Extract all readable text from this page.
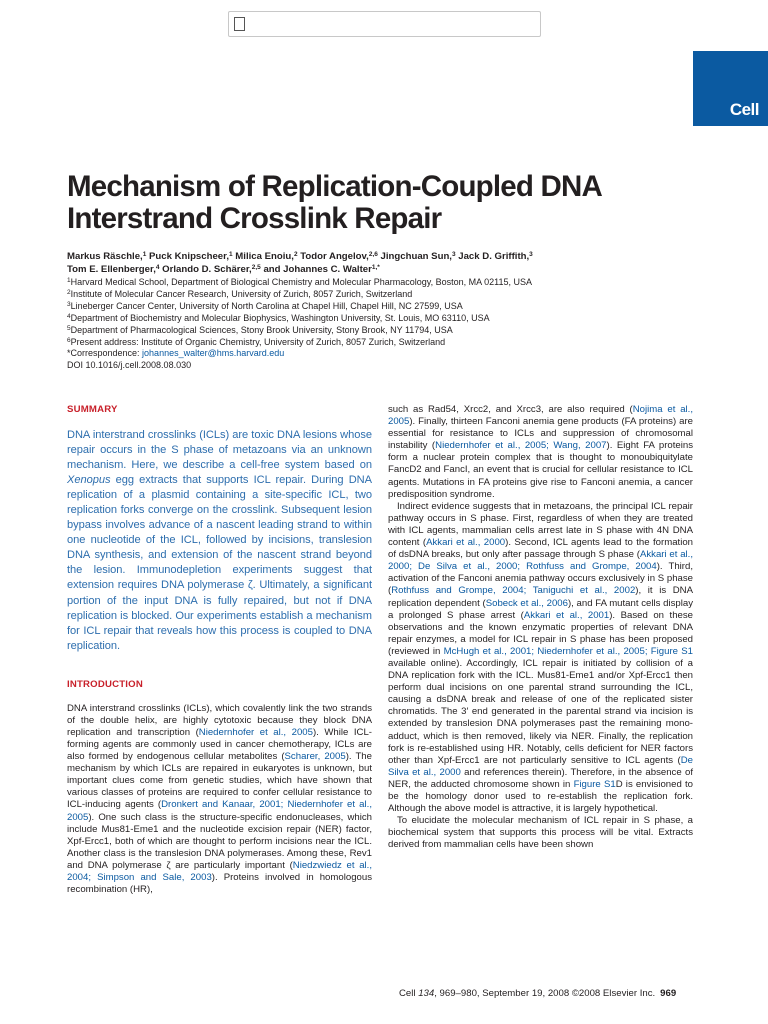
Cell
Mechanism of Replication-Coupled DNA Interstrand Crosslink Repair
Markus Räschle,$^1$ Puck Knipscheer,$^1$ Milica Enoiu,$^2$ Todor Angelov,$^{2,6}$ Jingchuan Sun,$^3$ Jack D. Griffith,$^3$
Tom E. Ellenberger,$^4$ Orlando D. Schärer,$^{2,5}$ and Johannes C. Walter$^{1,*}$
$^1$Harvard Medical School, Department of Biological Chemistry and Molecular Pharmacology, Boston, MA 02115, USA
$^2$Institute of Molecular Cancer Research, University of Zurich, 8057 Zurich, Switzerland
$^3$Lineberger Cancer Center, University of North Carolina at Chapel Hill, Chapel Hill, NC 27599, USA
$^4$Department of Biochemistry and Molecular Biophysics, Washington University, St. Louis, MO 63110, USA
$^5$Department of Pharmacological Sciences, Stony Brook University, Stony Brook, NY 11794, USA
$^6$Present address: Institute of Organic Chemistry, University of Zurich, 8057 Zurich, Switzerland
*Correspondence: johannes_walter@hms.harvard.edu
DOI 10.1016/j.cell.2008.08.030

SUMMARY

DNA interstrand crosslinks (ICLs) are toxic DNA lesions whose repair occurs in the S phase of metazoans via an unknown mechanism. Here, we describe a cell-free system based on Xenopus egg extracts that supports ICL repair. During DNA replication of a plasmid containing a site-specific ICL, two replication forks converge on the crosslink. Subsequent lesion bypass involves advance of a nascent leading strand to within one nucleotide of the ICL, followed by incisions, translesion DNA synthesis, and extension of the nascent strand beyond the lesion. Immunodepletion experiments suggest that extension requires DNA polymerase ζ. Ultimately, a significant portion of the input DNA is fully repaired, but not if DNA replication is blocked. Our experiments establish a mechanism for ICL repair that reveals how this process is coupled to DNA replication.

INTRODUCTION

DNA interstrand crosslinks (ICLs), which covalently link the two strands of the double helix, are highly cytotoxic because they block DNA replication and transcription (Niedernhofer et al., 2005). While ICL-forming agents are commonly used in cancer chemotherapy, ICLs are also formed by endogenous cellular metabolites (Scharer, 2005). The mechanism by which ICLs are repaired in eukaryotes is unknown, but important clues come from genetic studies, which have shown that various classes of proteins are required to confer cellular resistance to ICL-inducing agents (Dronkert and Kanaar, 2001; Niedernhofer et al., 2005). One such class is the structure-specific endonucleases, which include Mus81-Eme1 and the nucleotide excision repair (NER) factor, Xpf-Ercc1, both of which are thought to perform incisions near the ICL. Another class is the translesion DNA polymerases. Among these, Rev1 and DNA polymerase ζ are particularly important (Niedzwiedz et al., 2004; Simpson and Sale, 2003). Proteins involved in homologous recombination (HR),

such as Rad54, Xrcc2, and Xrcc3, are also required (Nojima et al., 2005). Finally, thirteen Fanconi anemia gene products (FA proteins) are essential for resistance to ICLs and suppression of chromosomal instability (Niedernhofer et al., 2005; Wang, 2007). Eight FA proteins form a nuclear protein complex that is thought to monoubiquitylate FancD2 and FancI, an event that is crucial for cellular resistance to ICL agents. Mutations in FA proteins give rise to Fanconi anemia, a cancer predisposition syndrome.

Indirect evidence suggests that in metazoans, the principal ICL repair pathway occurs in S phase. First, regardless of when they are treated with ICL agents, mammalian cells arrest late in S phase with 4N DNA content (Akkari et al., 2000). Second, ICL agents lead to the formation of dsDNA breaks, but only after passage through S phase (Akkari et al., 2000; De Silva et al., 2000; Rothfuss and Grompe, 2004). Third, activation of the Fanconi anemia pathway occurs exclusively in S phase (Rothfuss and Grompe, 2004; Taniguchi et al., 2002), it is DNA replication dependent (Sobeck et al., 2006), and FA mutant cells display a prolonged S phase arrest (Akkari et al., 2001). Based on these observations and the known enzymatic properties of relevant DNA repair enzymes, a model for ICL repair in S phase has been proposed (reviewed in McHugh et al., 2001; Niedernhofer et al., 2005; Figure S1 available online). Accordingly, ICL repair is initiated by collision of a DNA replication fork with the ICL. Mus81-Eme1 and/or Xpf-Ercc1 then perform dual incisions on one parental strand surrounding the ICL, causing a dsDNA break and release of one of the replicated sister chromatids. The 3′ end generated in the parental strand via incision is extended by translesion DNA polymerases past the remaining mono-adduct, which is then removed, likely via NER. Finally, the replication fork is re-established using HR. Notably, cells deficient for NER factors other than Xpf-Ercc1 are not particularly sensitive to ICL agents (De Silva et al., 2000 and references therein). Therefore, in the absence of NER, the adducted chromosome shown in Figure S1D is envisioned to be the homology donor used to re-establish the replication fork. Although the above model is attractive, it is largely hypothetical.

To elucidate the molecular mechanism of ICL repair in S phase, a biochemical system that supports this process will be vital. Extracts derived from mammalian cells have been shown

Cell 134, 969–980, September 19, 2008 ©2008 Elsevier Inc. 969
